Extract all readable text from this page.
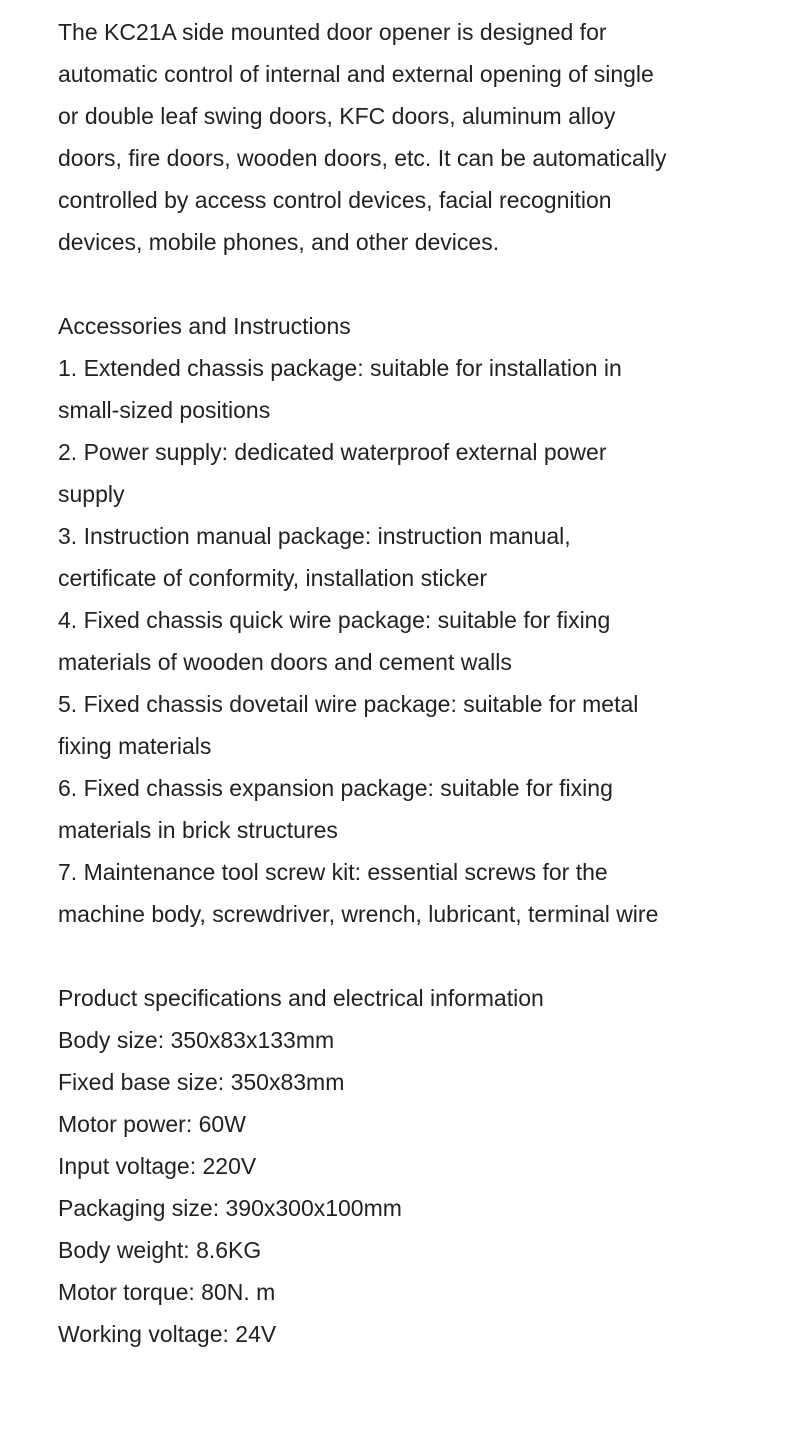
The KC21A side mounted door opener is designed for
automatic control of internal and external opening of single
or double leaf swing doors, KFC doors, aluminum alloy
doors, fire doors, wooden doors, etc. It can be automatically
controlled by access control devices, facial recognition
devices, mobile phones, and other devices.
Accessories and Instructions
1. Extended chassis package: suitable for installation in
small-sized positions
2. Power supply: dedicated waterproof external power
supply
3. Instruction manual package: instruction manual,
certificate of conformity, installation sticker
4. Fixed chassis quick wire package: suitable for fixing
materials of wooden doors and cement walls
5. Fixed chassis dovetail wire package: suitable for metal
fixing materials
6. Fixed chassis expansion package: suitable for fixing
materials in brick structures
7. Maintenance tool screw kit: essential screws for the
machine body, screwdriver, wrench, lubricant, terminal wire
Product specifications and electrical information
Body size: 350x83x133mm
Fixed base size: 350x83mm
Motor power: 60W
Input voltage: 220V
Packaging size: 390x300x100mm
Body weight: 8.6KG
Motor torque: 80N. m
Working voltage: 24V
